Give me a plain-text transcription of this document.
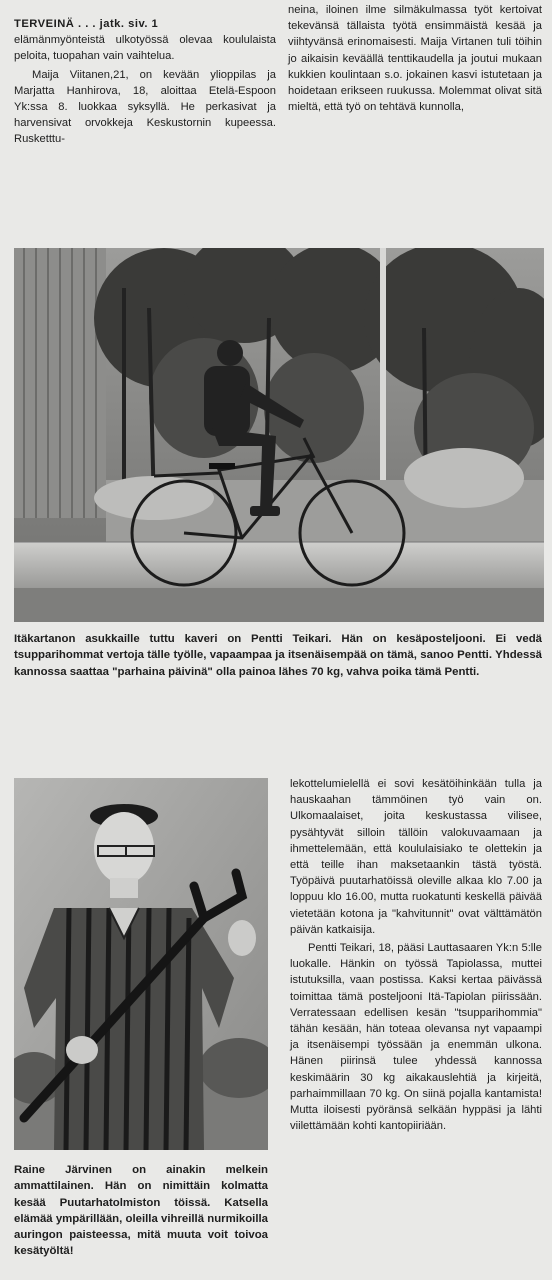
TERVEINÄ . . . jatk. siv. 1
elämänmyönteistä ulkotyössä olevaa koululaista peloita, tuopahan vain vaihtelua.

Maija Viitanen,21, on kevään ylioppilas ja Marjatta Hanhirova, 18, aloittaa Etelä-Espoon Yk:ssa 8. luokkaa syksyllä. He perkasivat ja harvensivat orvokkeja Keskustornin kupeessa. Rusketttu-

neina, iloinen ilme silmäkulmassa työt kertoivat tekevänsä tällaista työtä ensimmäistä kesää ja viihtyvänsä erinomaisesti. Maija Virtanen tuli töihin jo aikaisin keväällä tenttikaudella ja joutui mukaan kukkien koulintaan s.o. jokainen kasvi istutetaan ja hoidetaan erikseen ruukussa. Molemmat olivat sitä mieltä, että työ on tehtävä kunnolla,

Itäkartanon asukkaille tuttu kaveri on Pentti Teikari. Hän on kesäposteljooni. Ei vedä tsupparihommat vertoja tälle työlle, vapaampaa ja itsenäisempää on tämä, sanoo Pentti. Yhdessä kannossa saattaa "parhaina päivinä" olla painoa lähes 70 kg, vahva poika tämä Pentti.
Raine Järvinen on ainakin melkein ammattilainen. Hän on nimittäin kolmatta kesää Puutarhatolmiston töissä. Katsella elämää ympärillään, oleilla vihreillä nurmikoilla auringon paisteessa, mitä muuta voit toivoa kesätyöltä!

lekottelumielellä ei sovi kesätöihinkään tulla ja hauskaahan tämmöinen työ vain on. Ulkomaalaiset, joita keskustassa vilisee, pysähtyvät silloin tällöin valokuvaamaan ja ihmettelemään, että koululaisiako te olettekin ja että teille ihan maksetaankin tästä työstä. Työpäivä puutarhatöissä oleville alkaa klo 7.00 ja loppuu klo 16.00, mutta ruokatunti keskellä päivää vietetään kotona ja "kahvitunnit" ovat välttämätön päivän katkaisija.

Pentti Teikari, 18, pääsi Lauttasaaren Yk:n 5:lle luokalle. Hänkin on työssä Tapiolassa, muttei istutuksilla, vaan postissa. Kaksi kertaa päivässä toimittaa tämä posteljooni Itä-Tapiolan piirissään. Verratessaan edellisen kesän "tsupparihommia" tähän kesään, hän toteaa olevansa nyt vapaampi ja itsenäisempi työssään ja enemmän ulkona. Hänen piirinsä tulee yhdessä kannossa keskimäärin 30 kg aikakauslehtiä ja kirjeitä, parhaimmillaan 70 kg. On siinä pojalla kantamista! Mutta iloisesti pyöränsä selkään hyppäsi ja lähti viilettämään kohti kantopiiriään.
